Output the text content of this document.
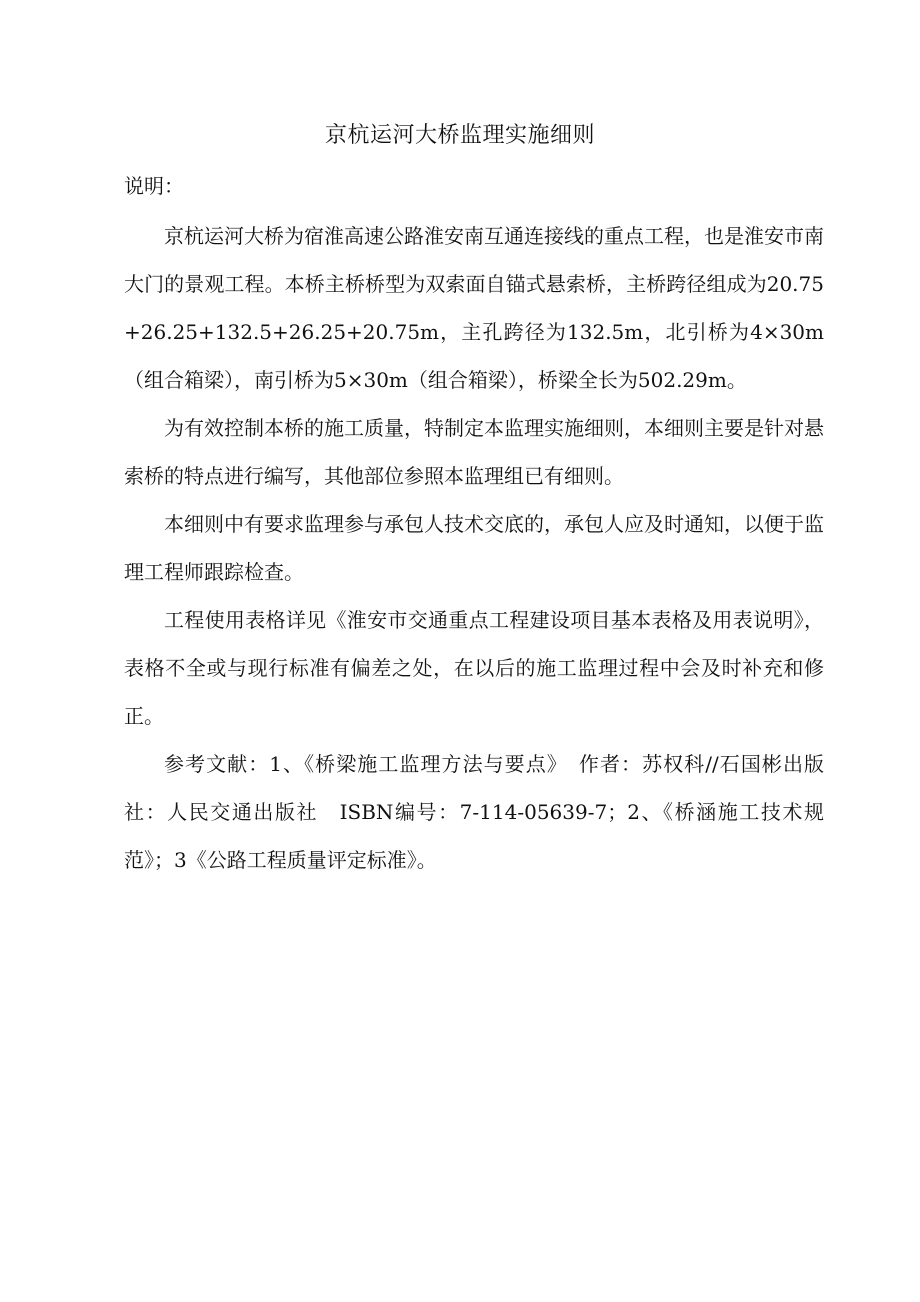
京杭运河大桥监理实施细则
说明：

京杭运河大桥为宿淮高速公路淮安南互通连接线的重点工程，也是淮安市南大门的景观工程。本桥主桥桥型为双索面自锚式悬索桥，主桥跨径组成为20.75+26.25+132.5+26.25+20.75m，主孔跨径为132.5m，北引桥为4×30m（组合箱梁），南引桥为5×30m（组合箱梁），桥梁全长为502.29m。

为有效控制本桥的施工质量，特制定本监理实施细则，本细则主要是针对悬索桥的特点进行编写，其他部位参照本监理组已有细则。

本细则中有要求监理参与承包人技术交底的，承包人应及时通知，以便于监理工程师跟踪检查。

工程使用表格详见《淮安市交通重点工程建设项目基本表格及用表说明》，表格不全或与现行标准有偏差之处，在以后的施工监理过程中会及时补充和修正。

参考文献：1、《桥梁施工监理方法与要点》　作者：苏权科//石国彬出版社：人民交通出版社　ISBN编号：7-114-05639-7；2、《桥涵施工技术规范》；3《公路工程质量评定标准》。
